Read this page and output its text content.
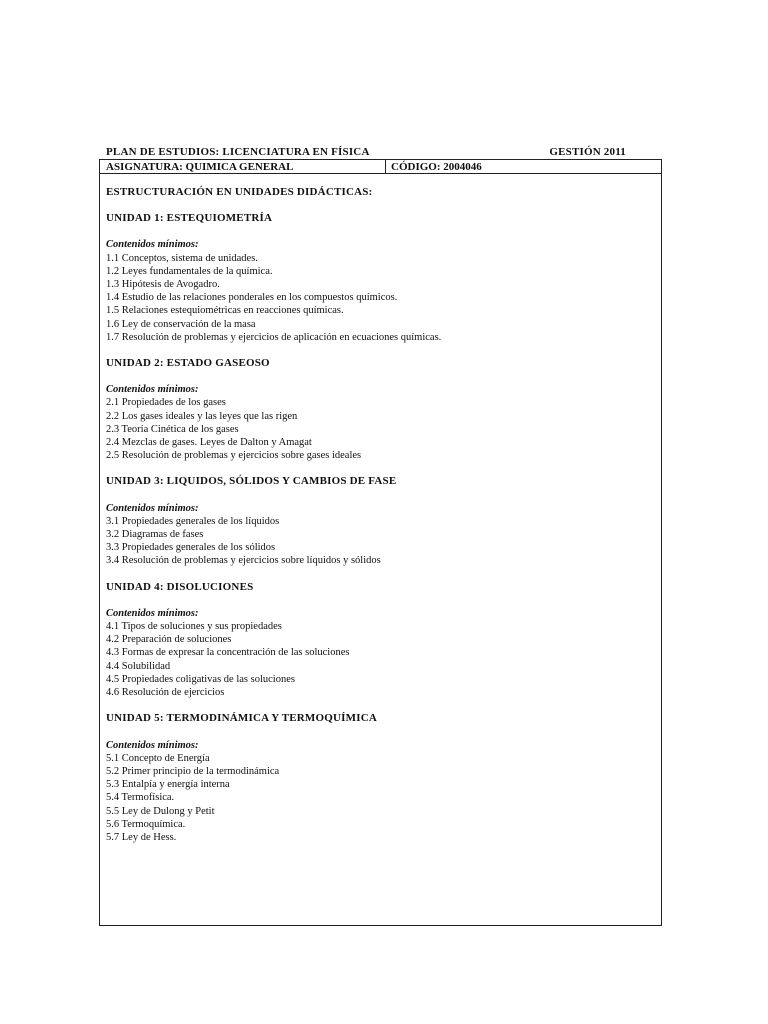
PLAN DE ESTUDIOS: LICENCIATURA EN FÍSICA	GESTIÓN 2011
ASIGNATURA: QUIMICA GENERAL	CÓDIGO: 2004046
ESTRUCTURACIÓN EN UNIDADES DIDÁCTICAS:
UNIDAD 1: ESTEQUIOMETRÍA
Contenidos mínimos:
1.1 Conceptos, sistema de unidades.
1.2 Leyes fundamentales de la química.
1.3 Hipótesis de Avogadro.
1.4 Estudio de las relaciones ponderales en los compuestos químicos.
1.5 Relaciones estequiométricas en reacciones químicas.
1.6 Ley de conservación de la masa
1.7 Resolución de problemas y ejercicios de aplicación en ecuaciones químicas.
UNIDAD 2: ESTADO GASEOSO
Contenidos mínimos:
2.1 Propiedades de los gases
2.2 Los gases ideales y las leyes que las rigen
2.3 Teoría Cinética de los gases
2.4 Mezclas de gases. Leyes de Dalton y Amagat
2.5 Resolución de problemas y ejercicios sobre gases ideales
UNIDAD 3: LIQUIDOS, SÓLIDOS Y CAMBIOS DE FASE
Contenidos mínimos:
3.1 Propiedades generales de los líquidos
3.2 Diagramas de fases
3.3 Propiedades generales de los sólidos
3.4 Resolución de problemas y ejercicios sobre líquidos y sólidos
UNIDAD 4: DISOLUCIONES
Contenidos mínimos:
4.1 Tipos de soluciones y sus propiedades
4.2 Preparación de soluciones
4.3 Formas de expresar la concentración de las soluciones
4.4 Solubilidad
4.5 Propiedades coligativas de las soluciones
4.6 Resolución de ejercicios
UNIDAD 5: TERMODINÁMICA Y TERMOQUÍMICA
Contenidos mínimos:
5.1 Concepto de Energía
5.2 Primer principio de la termodinámica
5.3 Entalpía y energía interna
5.4 Termofísica.
5.5 Ley de Dulong y Petit
5.6 Termoquímica.
5.7 Ley de Hess.
